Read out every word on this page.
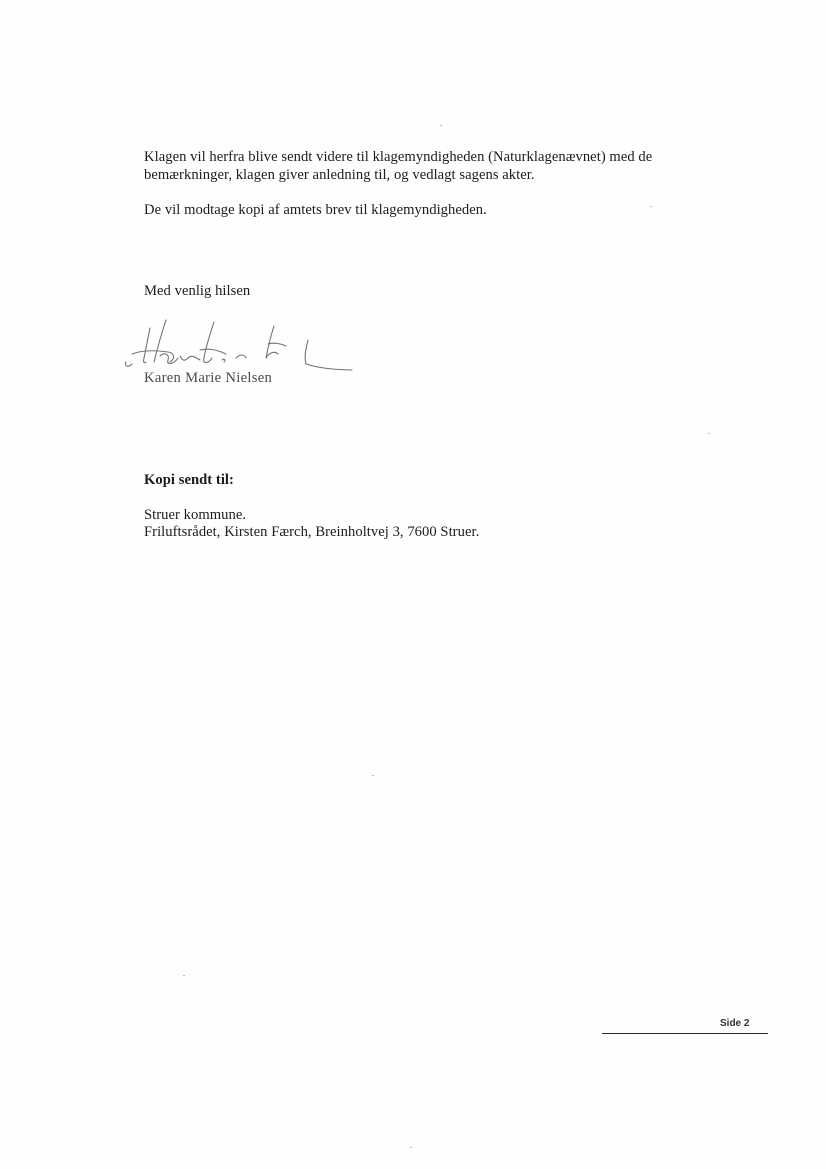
Klagen vil herfra blive sendt videre til klagemyndigheden (Naturklagenævnet) med de
bemærkninger, klagen giver anledning til, og vedlagt sagens akter.
De vil modtage kopi af amtets brev til klagemyndigheden.
Med venlig hilsen
Karen Marie Nielsen
Kopi sendt til:
Struer kommune.
Friluftsrådet, Kirsten Færch, Breinholtvej 3, 7600 Struer.
Side 2
